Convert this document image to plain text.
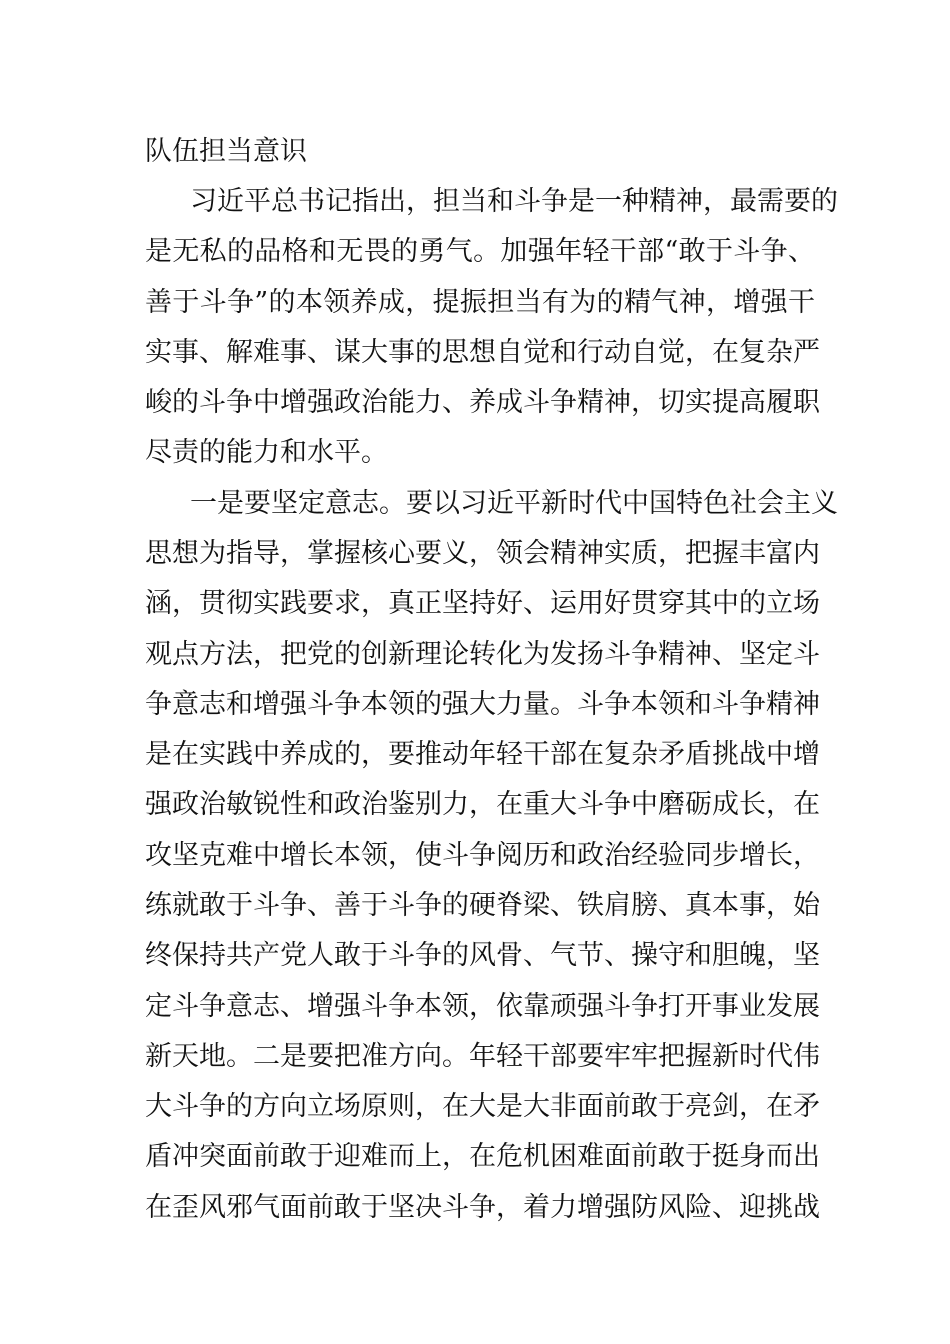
队伍担当意识
习近平总书记指出，担当和斗争是一种精神，最需要的
是无私的品格和无畏的勇气。加强年轻干部“敢于斗争、
善于斗争”的本领养成，提振担当有为的精气神，增强干
实事、解难事、谋大事的思想自觉和行动自觉，在复杂严
峻的斗争中增强政治能力、养成斗争精神，切实提高履职
尽责的能力和水平。
一是要坚定意志。要以习近平新时代中国特色社会主义
思想为指导，掌握核心要义，领会精神实质，把握丰富内
涵，贯彻实践要求，真正坚持好、运用好贯穿其中的立场
观点方法，把党的创新理论转化为发扬斗争精神、坚定斗
争意志和增强斗争本领的强大力量。斗争本领和斗争精神
是在实践中养成的，要推动年轻干部在复杂矛盾挑战中增
强政治敏锐性和政治鉴别力，在重大斗争中磨砺成长，在
攻坚克难中增长本领，使斗争阅历和政治经验同步增长，
练就敢于斗争、善于斗争的硬脊梁、铁肩膀、真本事，始
终保持共产党人敢于斗争的风骨、气节、操守和胆魄，坚
定斗争意志、增强斗争本领，依靠顽强斗争打开事业发展
新天地。二是要把准方向。年轻干部要牢牢把握新时代伟
大斗争的方向立场原则，在大是大非面前敢于亮剑，在矛
盾冲突面前敢于迎难而上，在危机困难面前敢于挺身而出
在歪风邪气面前敢于坚决斗争，着力增强防风险、迎挑战
